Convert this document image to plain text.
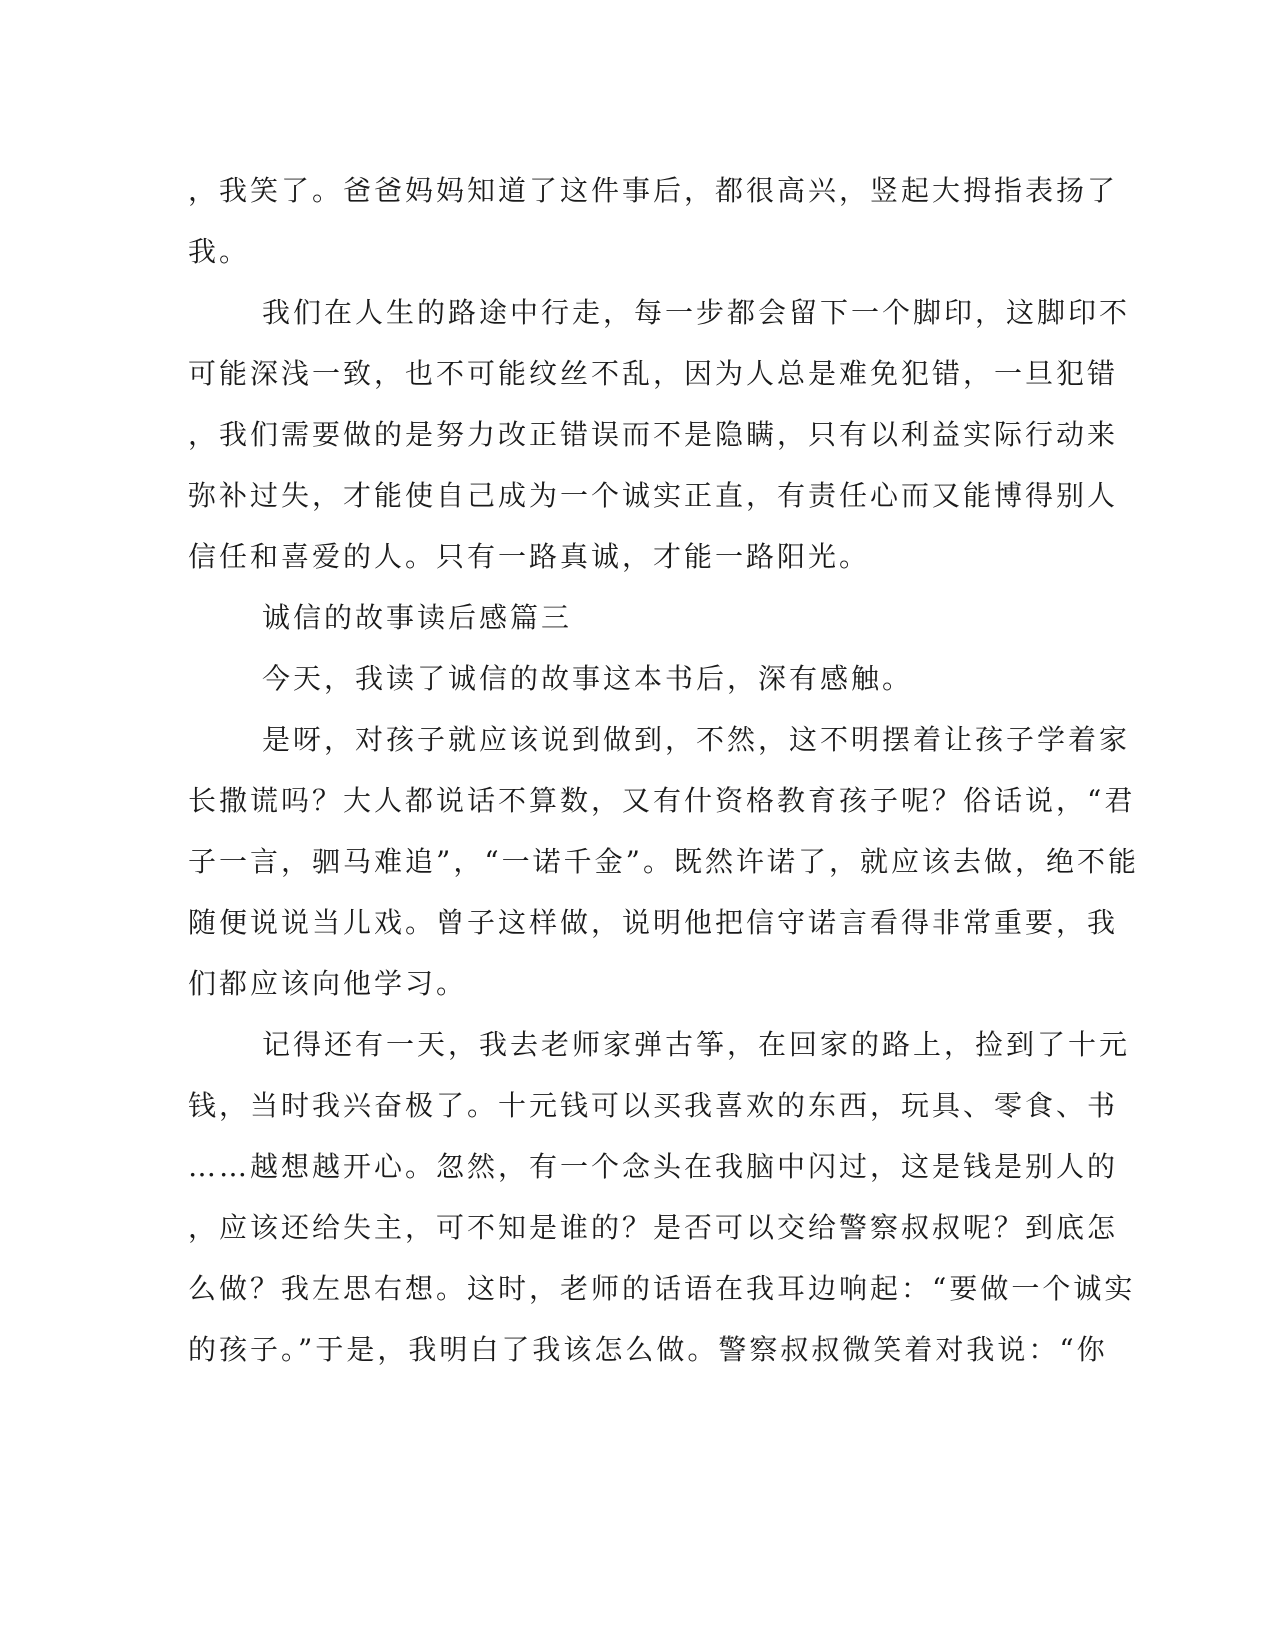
，我笑了。爸爸妈妈知道了这件事后，都很高兴，竖起大拇指表扬了
我。
我们在人生的路途中行走，每一步都会留下一个脚印，这脚印不
可能深浅一致，也不可能纹丝不乱，因为人总是难免犯错，一旦犯错
，我们需要做的是努力改正错误而不是隐瞒，只有以利益实际行动来
弥补过失，才能使自己成为一个诚实正直，有责任心而又能博得别人
信任和喜爱的人。只有一路真诚，才能一路阳光。
诚信的故事读后感篇三
今天，我读了诚信的故事这本书后，深有感触。
是呀，对孩子就应该说到做到，不然，这不明摆着让孩子学着家
长撒谎吗？大人都说话不算数，又有什资格教育孩子呢？俗话说，“君
子一言，驷马难追”，“一诺千金”。既然许诺了，就应该去做，绝不能
随便说说当儿戏。曾子这样做，说明他把信守诺言看得非常重要，我
们都应该向他学习。
记得还有一天，我去老师家弹古筝，在回家的路上，捡到了十元
钱，当时我兴奋极了。十元钱可以买我喜欢的东西，玩具、零食、书
……越想越开心。忽然，有一个念头在我脑中闪过，这是钱是别人的
，应该还给失主，可不知是谁的？是否可以交给警察叔叔呢？到底怎
么做？我左思右想。这时，老师的话语在我耳边响起：“要做一个诚实
的孩子。”于是，我明白了我该怎么做。警察叔叔微笑着对我说：“你
